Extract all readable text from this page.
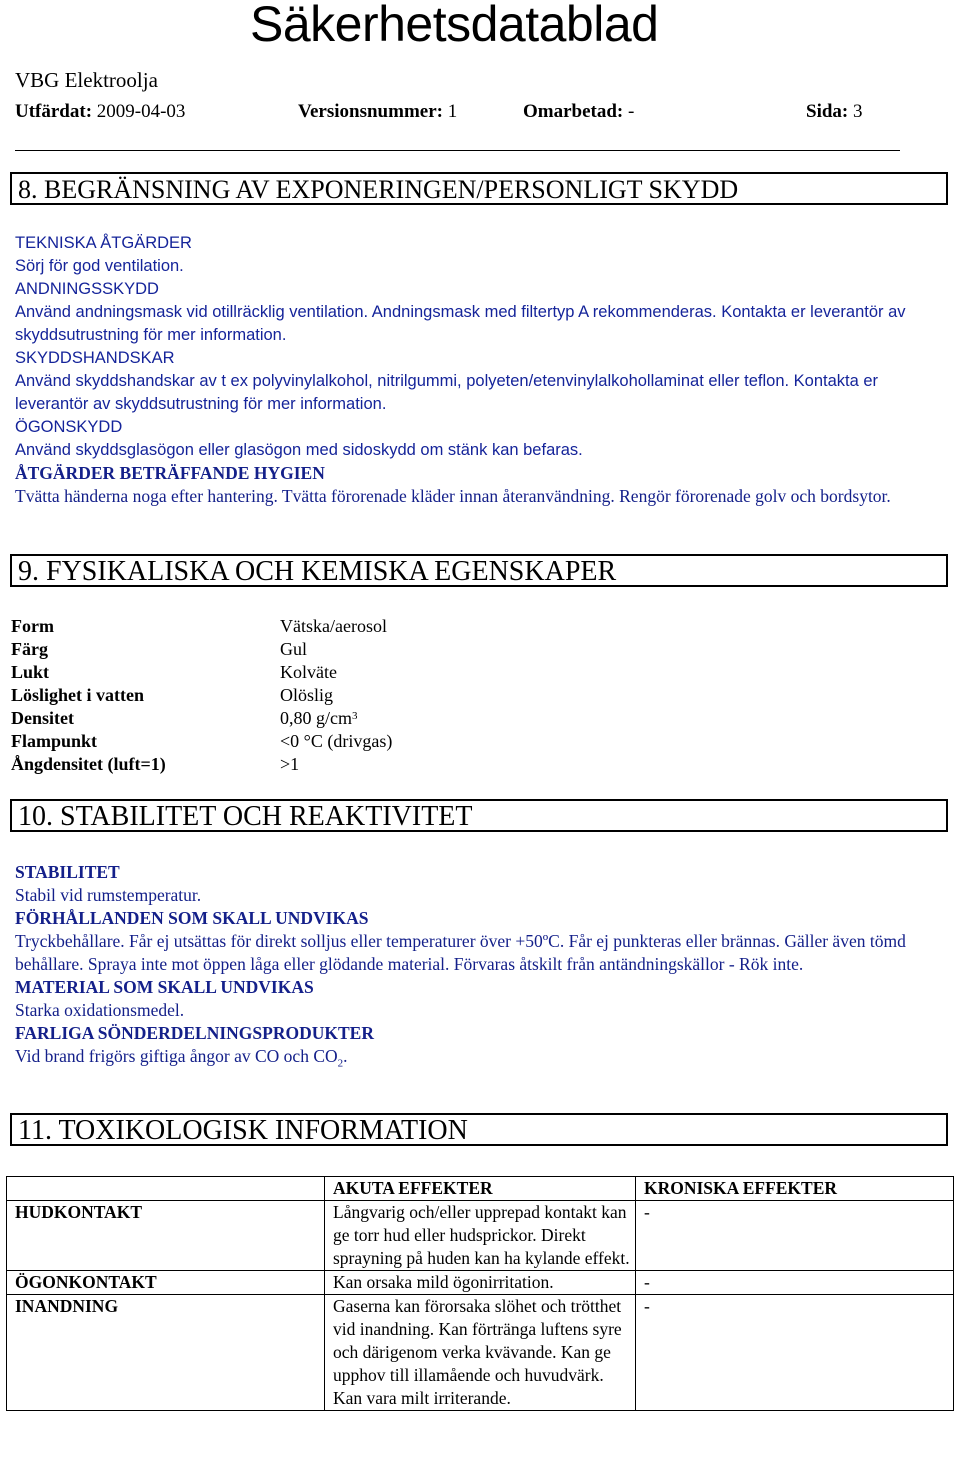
Säkerhetsdatablad
VBG Elektroolja
Utfärdat: 2009-04-03	Versionsnummer: 1	Omarbetad: -	Sida: 3
8. BEGRÄNSNING AV EXPONERINGEN/PERSONLIGT SKYDD

TEKNISKA ÅTGÄRDER

Sörj för god ventilation.

ANDNINGSSKYDD

Använd andningsmask vid otillräcklig ventilation. Andningsmask med filtertyp A rekommenderas. Kontakta er leverantör av skyddsutrustning för mer information.

SKYDDSHANDSKAR

Använd skyddshandskar av t ex polyvinylalkohol, nitrilgummi, polyeten/etenvinylalkohollaminat eller teflon. Kontakta er leverantör av skyddsutrustning för mer information.

ÖGONSKYDD

Använd skyddsglasögon eller glasögon med sidoskydd om stänk kan befaras.

ÅTGÄRDER BETRÄFFANDE HYGIEN

Tvätta händerna noga efter hantering. Tvätta förorenade kläder innan återanvändning. Rengör förorenade golv och bordsytor.

9. FYSIKALISKA OCH KEMISKA EGENSKAPER
Form	Vätska/aerosol
Färg	Gul
Lukt	Kolväte
Löslighet i vatten	Olöslig
Densitet	0,80 $g/cm^3$
Flampunkt	<0 °C (drivgas)
Ångdensitet (luft=1)	>1
10. STABILITET OCH REAKTIVITET

STABILITET

Stabil vid rumstemperatur.

FÖRHÅLLANDEN SOM SKALL UNDVIKAS

Tryckbehållare. Får ej utsättas för direkt solljus eller temperaturer över +50ºC. Får ej punkteras eller brännas. Gäller även tömd behållare. Spraya inte mot öppen låga eller glödande material. Förvaras åtskilt från antändningskällor - Rök inte.

MATERIAL SOM SKALL UNDVIKAS

Starka oxidationsmedel.

FARLIGA SÖNDERDELNINGSPRODUKTER

Vid brand frigörs giftiga ångor av CO och $CO_2$.

11. TOXIKOLOGISK INFORMATION
	AKUTA EFFEKTER	KRONISKA EFFEKTER
HUDKONTAKT	Långvarig och/eller upprepad kontakt kan ge torr hud eller hudsprickor. Direkt sprayning på huden kan ha kylande effekt.	-
ÖGONKONTAKT	Kan orsaka mild ögonirritation.	-
INANDNING	Gaserna kan förorsaka slöhet och trötthet vid inandning. Kan förtränga luftens syre och därigenom verka kvävande. Kan ge upphov till illamående och huvudvärk. Kan vara milt irriterande.	-
